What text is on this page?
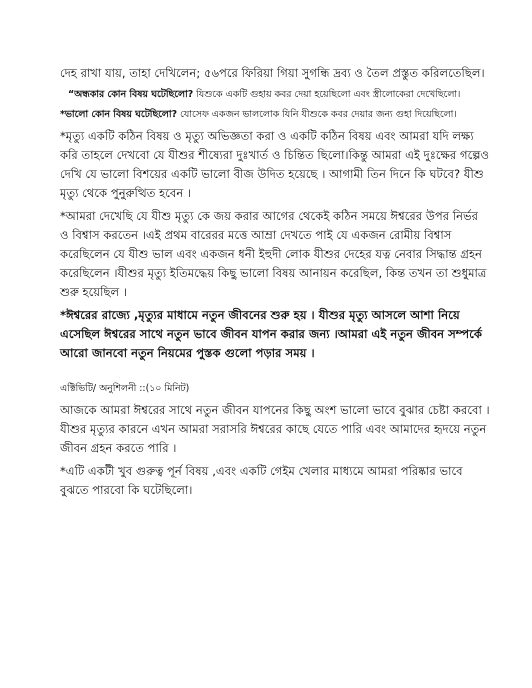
দেহ রাখা যায়, তাহা দেখিলেন; ৫৬পরে ফিরিয়া গিয়া সুগন্ধি দ্রব্য ও তৈল প্রস্তুত করিলতেছিল।

“অন্ধকার কোন বিষয় ঘটেছিলো? যিশুকে একটি গুহায় কবর দেয়া হয়েছিলো এবং স্ত্রীলোকেরা দেখেছিলো।

*ভালো কোন বিষয় ঘটেছিলো? যোসেফ একজন ভাললোক যিনি যীশুকে কবর দেয়ার জন্য গুহা দিয়েছিলো।

*মৃত্যু একটি কঠিন বিষয় ও মৃত্যু অভিজ্ঞতা করা ও একটি কঠিন বিষয় এবং আমরা যদি লক্ষ্য করি তাহলে দেখবো যে যীশুর শীষ্যেরা দুঃখার্ত ও চিন্তিত ছিলো।কিন্তু আমরা এই দুঃক্ষের গল্পেও দেখি যে ভালো বিশয়ের একটি ভালো বীজ উদিত হয়েছে । আগামী তিন দিনে কি ঘটবে? যীশু মৃত্যু থেকে পুনুরুত্থিত হবেন ।

*আমরা দেখেছি যে যীশু মৃত্যু কে জয় করার আগের থেকেই কঠিন সময়ে ঈশ্বরের উপর নির্ভর ও বিশ্বাস করতেন ।এই প্রথম বারেরর মত্তে আম্রা দেখতে পাই যে একজন রোমীয় বিশ্বাস করেছিলেন যে যীশু ভাল এবং একজন ধনী ইহুদী লোক যীশুর দেহের যত্ন নেবার সিদ্ধান্ত গ্রহন করেছিলেন ।যীশুর মৃত্যু ইতিমদ্ধেয় কিছু ভালো বিষয় আনায়ন করেছিল, কিন্ত তখন তা শুধুমাত্র শুরু হয়েছিল ।

*ঈশ্বরের রাজ্যে ,মৃত্যুর মাধামে নতুন জীবনের শুরু হয় । যীশুর মৃত্যু আসলে আশা নিয়ে এসেছিল ঈশ্বরের সাথে নতুন ভাবে জীবন যাপন করার জন্য ।আমরা এই নতুন জীবন সম্পর্কে আরো জানবো নতুন নিয়মের পুস্তক গুলো পড়ার সময় ।

এক্টিভিটি/ অনুশিলনী ::(১০ মিনিট)

আজকে আমরা ঈশ্বরের সাথে নতুন জীবন যাপনের কিছু অংশ ভালো ভাবে বুঝার চেষ্টা করবো ।যীশুর মৃত্যুর কারনে এখন আমরা সরাসরি ঈশ্বরের কাছে যেতে পারি এবং আমাদের হৃদয়ে নতুন জীবন গ্রহন করতে পারি ।

*এটি একটী খুব গুরুত্ব পূর্ন বিষয় ,এবং একটি গেইম খেলার মাধ্যমে আমরা পরিষ্কার ভাবে বুঝতে পারবো কি ঘটেছিলো।
